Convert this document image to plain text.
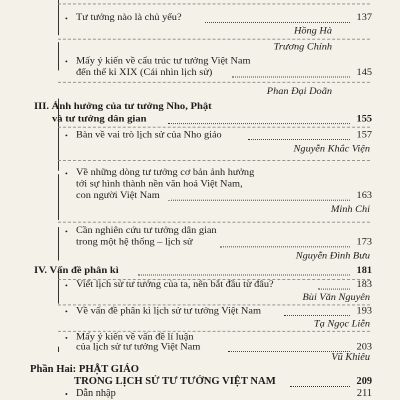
• Tư tưởng nào là chủ yếu?	137
Hồng Hà
Trương Chính
• Mấy ý kiến về cấu trúc tư tưởng Việt Nam
đến thế kỉ XIX (Cái nhìn lịch sử)	145
Phan Đại Doãn
III. Ảnh hưởng của tư tưởng Nho, Phật
và tư tưởng dân gian	155
• Bàn về vai trò lịch sử của Nho giáo	157
Nguyễn Khắc Viện
• Về những dòng tư tưởng cơ bản ảnh hưởng
tới sự hình thành nền văn hoá Việt Nam,
con người Việt Nam	163
Minh Chi
• Cần nghiên cứu tư tưởng dân gian
trong một hệ thống – lịch sử	173
Nguyễn Đình Bưu
IV. Vấn đề phân kì	181
• Viết lịch sử tư tưởng của ta, nên bắt đầu từ đâu?	183
Bùi Văn Nguyên
• Về vấn đề phân kì lịch sử tư tưởng Việt Nam	193
Tạ Ngọc Liễn
• Mấy ý kiến về vấn đề lí luận
của lịch sử tư tưởng Việt Nam	203
Vũ Khiêu
Phần Hai: PHẬT GIÁO
TRONG LỊCH SỬ TƯ TƯỞNG VIỆT NAM	209
• Dẫn nhập	211
